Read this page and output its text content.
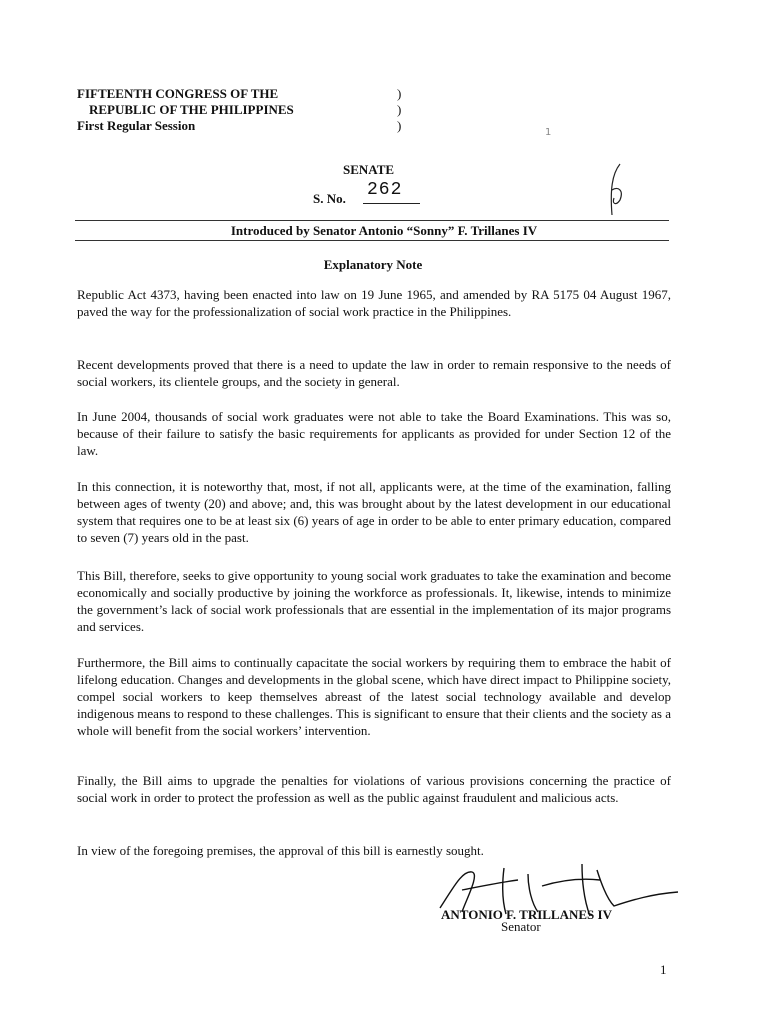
FIFTEENTH CONGRESS OF THE
REPUBLIC OF THE PHILIPPINES
First Regular Session
)
)
)	1
SENATE
S. No. 262
Introduced by Senator Antonio “Sonny” F. Trillanes IV
Explanatory Note

Republic Act 4373, having been enacted into law on 19 June 1965, and amended by RA 5175 04 August 1967, paved the way for the professionalization of social work practice in the Philippines.

Recent developments proved that there is a need to update the law in order to remain responsive to the needs of social workers, its clientele groups, and the society in general.

In June 2004, thousands of social work graduates were not able to take the Board Examinations. This was so, because of their failure to satisfy the basic requirements for applicants as provided for under Section 12 of the law.

In this connection, it is noteworthy that, most, if not all, applicants were, at the time of the examination, falling between ages of twenty (20) and above; and, this was brought about by the latest development in our educational system that requires one to be at least six (6) years of age in order to be able to enter primary education, compared to seven (7) years old in the past.

This Bill, therefore, seeks to give opportunity to young social work graduates to take the examination and become economically and socially productive by joining the workforce as professionals. It, likewise, intends to minimize the government’s lack of social work professionals that are essential in the implementation of its major programs and services.

Furthermore, the Bill aims to continually capacitate the social workers by requiring them to embrace the habit of lifelong education. Changes and developments in the global scene, which have direct impact to Philippine society, compel social workers to keep themselves abreast of the latest social technology available and develop indigenous means to respond to these challenges. This is significant to ensure that their clients and the society as a whole will benefit from the social workers’ intervention.

Finally, the Bill aims to upgrade the penalties for violations of various provisions concerning the practice of social work in order to protect the profession as well as the public against fraudulent and malicious acts.

In view of the foregoing premises, the approval of this bill is earnestly sought.

ANTONIO F. TRILLANES IV
Senator
1
